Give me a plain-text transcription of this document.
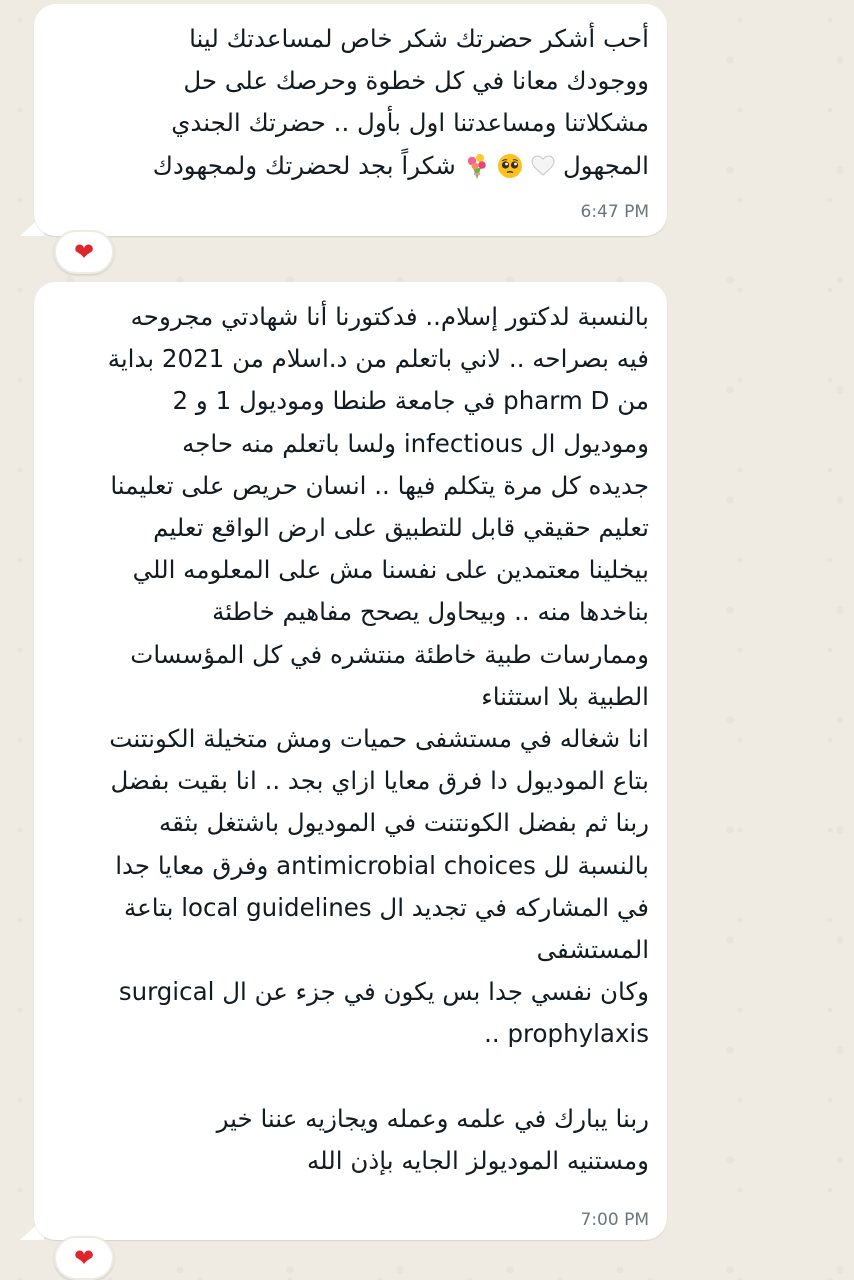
أحب أشكر حضرتك شكر خاص لمساعدتك لينا

ووجودك معانا في كل خطوة وحرصك على حل

مشكلاتنا ومساعدتنا اول بأول .. حضرتك الجندي

المجهول    شكراً بجد لحضرتك ولمجهودك

6:47 PM
❤

بالنسبة لدكتور إسلام.. فدكتورنا أنا شهادتي مجروحه

فيه بصراحه .. لاني باتعلم من د.اسلام من 2021 بداية

من pharm D في جامعة طنطا وموديول 1 و 2

وموديول ال infectious ولسا باتعلم منه حاجه

جديده كل مرة يتكلم فيها .. انسان حريص على تعليمنا

تعليم حقيقي قابل للتطبيق على ارض الواقع تعليم

بيخلينا معتمدين على نفسنا مش على المعلومه اللي

بناخدها منه .. وبيحاول يصحح مفاهيم خاطئة

وممارسات طبية خاطئة منتشره في كل المؤسسات

الطبية بلا استثناء

انا شغاله في مستشفى حميات ومش متخيلة الكونتنت

بتاع الموديول دا فرق معايا ازاي بجد .. انا بقيت بفضل

ربنا ثم بفضل الكونتنت في الموديول باشتغل بثقه

بالنسبة لل antimicrobial choices وفرق معايا جدا

في المشاركه في تجديد ال local guidelines بتاعة

المستشفى

وكان نفسي جدا بس يكون في جزء عن ال surgical

prophylaxis ..

ربنا يبارك في علمه وعمله ويجازيه عننا خير

ومستنيه الموديولز الجايه بإذن الله

7:00 PM
❤
